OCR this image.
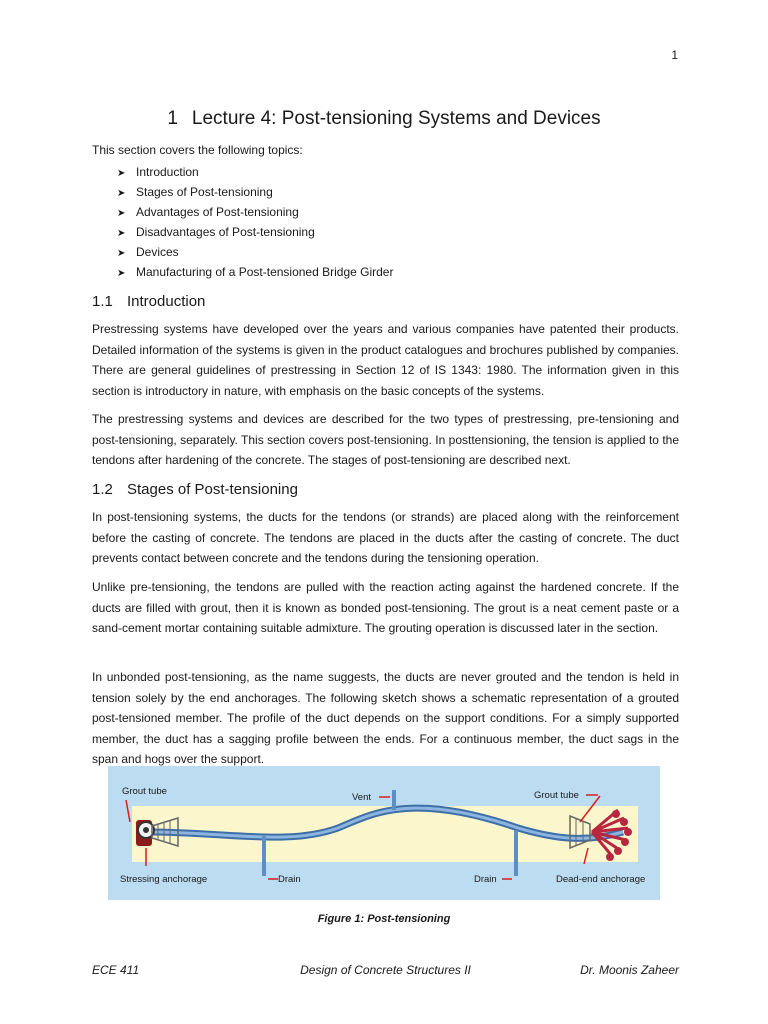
1
1 Lecture 4: Post-tensioning Systems and Devices
This section covers the following topics:
➤ Introduction
➤ Stages of Post-tensioning
➤ Advantages of Post-tensioning
➤ Disadvantages of Post-tensioning
➤ Devices
➤ Manufacturing of a Post-tensioned Bridge Girder
1.1 Introduction

Prestressing systems have developed over the years and various companies have patented their products. Detailed information of the systems is given in the product catalogues and brochures published by companies. There are general guidelines of prestressing in Section 12 of IS 1343: 1980. The information given in this section is introductory in nature, with emphasis on the basic concepts of the systems.

The prestressing systems and devices are described for the two types of prestressing, pre-tensioning and post-tensioning, separately. This section covers post-tensioning. In posttensioning, the tension is applied to the tendons after hardening of the concrete. The stages of post-tensioning are described next.

1.2 Stages of Post-tensioning

In post-tensioning systems, the ducts for the tendons (or strands) are placed along with the reinforcement before the casting of concrete. The tendons are placed in the ducts after the casting of concrete. The duct prevents contact between concrete and the tendons during the tensioning operation.

Unlike pre-tensioning, the tendons are pulled with the reaction acting against the hardened concrete. If the ducts are filled with grout, then it is known as bonded post-tensioning. The grout is a neat cement paste or a sand-cement mortar containing suitable admixture. The grouting operation is discussed later in the section.

In unbonded post-tensioning, as the name suggests, the ducts are never grouted and the tendon is held in tension solely by the end anchorages. The following sketch shows a schematic representation of a grouted post-tensioned member. The profile of the duct depends on the support conditions. For a simply supported member, the duct has a sagging profile between the ends. For a continuous member, the duct sags in the span and hogs over the support.

Grout tube
Vent	Grout tube
Stressing anchorage	Drain	Drain	Dead-end anchorage
Figure 1: Post-tensioning
ECE 411	Design of Concrete Structures II	Dr. Moonis Zaheer
